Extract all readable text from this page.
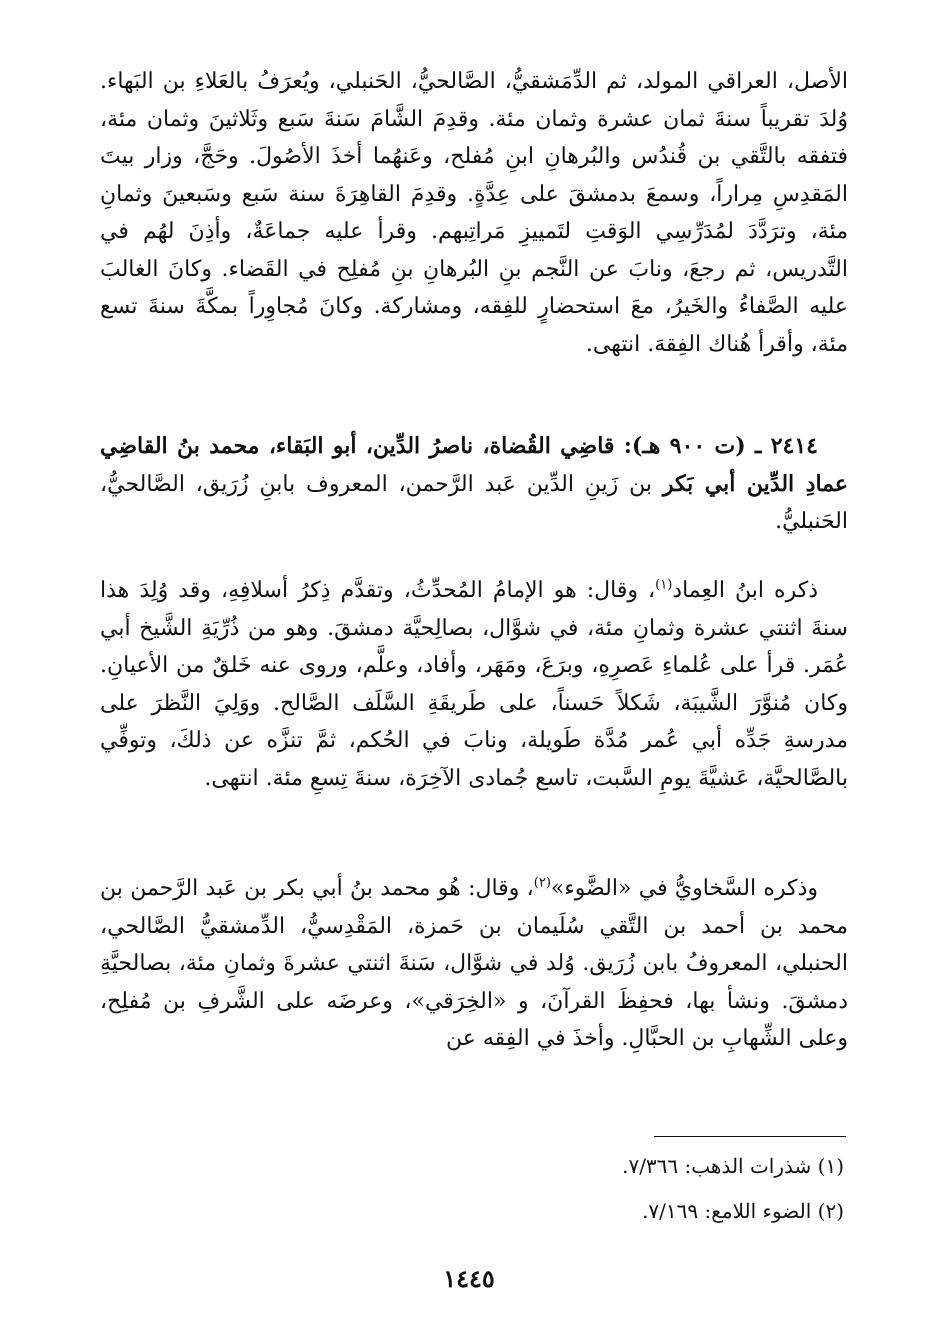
الأصل، العراقي المولد، ثم الدِّمَشقيُّ، الصَّالحيُّ، الحَنبلي، ويُعرَفُ بالعَلاءِ بن البَهاء. وُلدَ تقريباً سنةَ ثمان عشرة وثمان مئة. وقدِمَ الشَّامَ سَنةَ سَبع وثَلاثينَ وثمان مئة، فتفقه بالتَّقي بن قُندُس والبُرهانِ ابنِ مُفلح، وعَنهُما أخذَ الأصُولَ. وحَجَّ، وزار بيتَ المَقدِسِ مِراراً، وسمعَ بدمشقَ على عِدَّةٍ. وقدِمَ القاهِرَةَ سنة سَبع وسَبعينَ وثمانِ مئة، وترَدَّدَ لمُدَرِّسِي الوَقتِ لتَمييزِ مَراتِبهم. وقرأ عليه جماعَةٌ، وأذِنَ لهُم في التَّدريس، ثم رجعَ، ونابَ عن النَّجم بنِ البُرهانِ بنِ مُفلِح في القَضاء. وكانَ الغالبَ عليه الصَّفاءُ والخَيرُ، معَ استحضارٍ للفِقه، ومشاركة. وكانَ مُجاوِراً بمكَّةَ سنةَ تسع مئة، وأقرأ هُناك الفِقهَ. انتهى.

٢٤١٤ ـ (ت ٩٠٠ هـ): قاضِي القُضاة، ناصرُ الدِّين، أبو البَقاء، محمد بنُ القاضِي عمادِ الدِّين أبي بَكر بن زَينِ الدِّين عَبد الرَّحمن، المعروف بابنِ زُرَيق، الصَّالحيُّ، الحَنبليُّ.

ذكره ابنُ العِماد$^{(١)}$، وقال: هو الإمامُ المُحدِّثُ، وتقدَّم ذِكرُ أسلافِهِ، وقد وُلِدَ هذا سنةَ اثنتي عشرة وثمانِ مئة، في شوَّال، بصالِحيَّة دمشقَ. وهو من ذُرِّيَةِ الشَّيخ أبي عُمَر. قرأ على عُلماءِ عَصرِهِ، وبرَعَ، ومَهَر، وأفاد، وعلَّم، وروى عنه خَلقٌ من الأعيانِ. وكان مُنوَّرَ الشَّيبَة، شَكلاً حَسناً، على طَريقَةِ السَّلَف الصَّالح. ووَلِيَ النَّظرَ على مدرسةِ جَدِّه أبي عُمر مُدَّة طَويلة، ونابَ في الحُكم، ثمَّ تنزَّه عن ذلكَ، وتوفِّي بالصَّالحيَّة، عَشيَّةَ يومِ السَّبت، تاسع جُمادى الآخِرَة، سنةَ تِسعِ مئة. انتهى.

وذكره السَّخاويُّ في «الضَّوء»$^{(٢)}$، وقال: هُو محمد بنُ أبي بكر بن عَبد الرَّحمن بن محمد بن أحمد بن التَّقي سُلَيمان بن حَمزة، المَقْدِسيُّ، الدِّمشقيُّ الصَّالحي، الحنبلي، المعروفُ بابن زُرَيق. وُلد في شوَّال، سَنةَ اثنتي عشرةَ وثمانِ مئة، بصالحيَّةِ دمشقَ. ونشأ بها، فحفِظَ القرآنَ، و «الخِرَقي»، وعرضَه على الشَّرفِ بن مُفلِح، وعلى الشِّهابِ بن الحبَّالِ. وأخذَ في الفِقه عن

(١) شذرات الذهب: ٧/٣٦٦.
(٢) الضوء اللامع: ٧/١٦٩.
١٤٤٥
